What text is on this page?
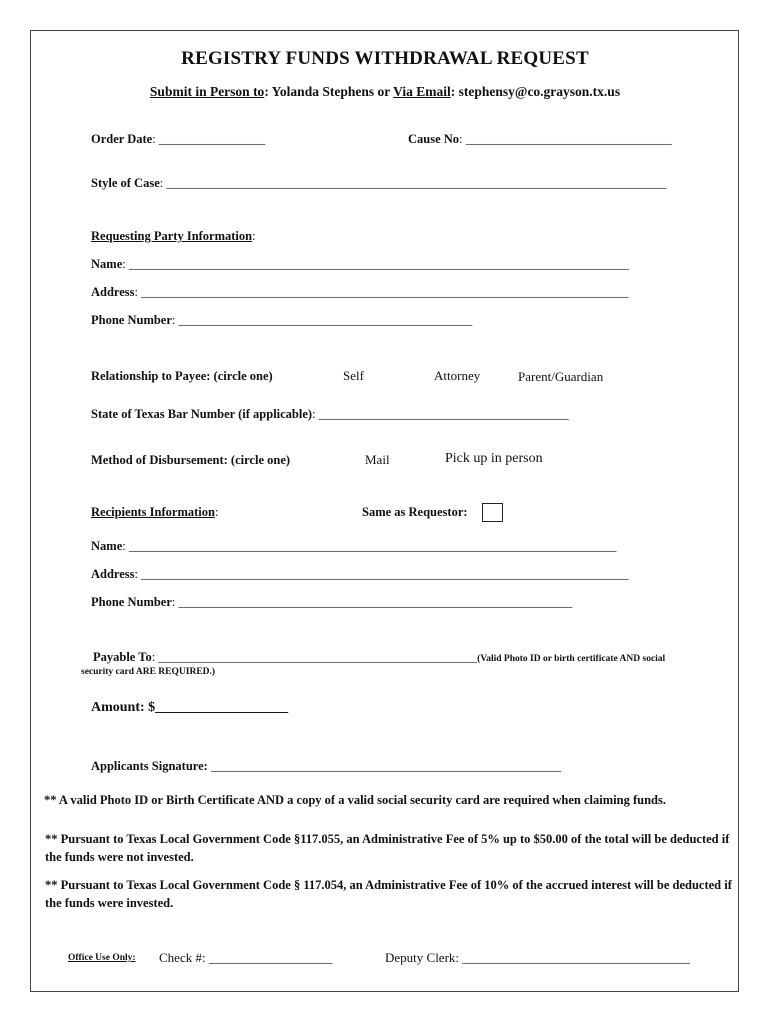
REGISTRY FUNDS WITHDRAWAL REQUEST
Submit in Person to: Yolanda Stephens or Via Email: stephensy@co.grayson.tx.us
Order Date: _________________	Cause No: _________________________________
Style of Case: ________________________________________________________________________________
Requesting Party Information:
Name: ________________________________________________________________________________
Address: ______________________________________________________________________________
Phone Number: _______________________________________________
Relationship to Payee: (circle one)	Self	Attorney	Parent/Guardian
State of Texas Bar Number (if applicable): ________________________________________
Method of Disbursement: (circle one)	Mail	Pick up in person
Recipients Information:	Same as Requestor:
Name: ______________________________________________________________________________
Address: ______________________________________________________________________________
Phone Number: _______________________________________________________________
Payable To: ___________________________________________________(Valid Photo ID or birth certificate AND social
security card ARE REQUIRED.)
Amount: $___________________
Applicants Signature: ________________________________________________________
** A valid Photo ID or Birth Certificate AND a copy of a valid social security card are required when claiming funds.
** Pursuant to Texas Local Government Code §117.055, an Administrative Fee of 5% up to $50.00 of the total will be deducted if the funds were not invested.
** Pursuant to Texas Local Government Code § 117.054, an Administrative Fee of 10% of the accrued interest will be deducted if the funds were invested.
Office Use Only: Check #: ___________________	Deputy Clerk: ___________________________________
